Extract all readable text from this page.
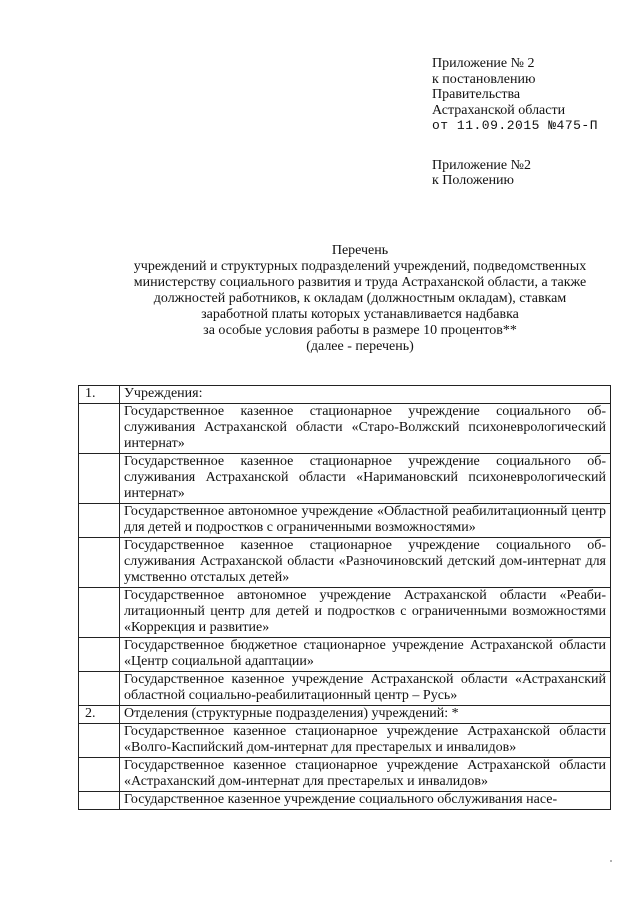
Приложение № 2
к постановлению
Правительства
Астраханской области
от 11.09.2015 №475-П
Приложение №2
к Положению
Перечень
учреждений и структурных подразделений учреждений, подведомственных
министерству социального развития и труда Астраханской области, а также
должностей работников, к окладам (должностным окладам), ставкам
заработной платы которых устанавливается надбавка
за особые условия работы в размере 10 процентов**
(далее - перечень)
1.	Учреждения:
	Государственное казенное стационарное учреждение социального обслуживания Астраханской области «Старо-Волжский психоневрологический интернат»
	Государственное казенное стационарное учреждение социального обслуживания Астраханской области «Наримановский психоневрологический интернат»
	Государственное автономное учреждение «Областной реабилитационный центр для детей и подростков с ограниченными возможностями»
	Государственное казенное стационарное учреждение социального обслуживания Астраханской области «Разночиновский детский дом-интернат для умственно отсталых детей»
	Государственное автономное учреждение Астраханской области «Реабилитационный центр для детей и подростков с ограниченными возможностями «Коррекция и развитие»
	Государственное бюджетное стационарное учреждение Астраханской области «Центр социальной адаптации»
	Государственное казенное учреждение Астраханской области «Астраханский областной социально-реабилитационный центр – Русь»
2.	Отделения (структурные подразделения) учреждений: *
	Государственное казенное стационарное учреждение Астраханской области «Волго-Каспийский дом-интернат для престарелых и инвалидов»
	Государственное казенное стационарное учреждение Астраханской области «Астраханский дом-интернат для престарелых и инвалидов»
	Государственное казенное учреждение социального обслуживания насе-
